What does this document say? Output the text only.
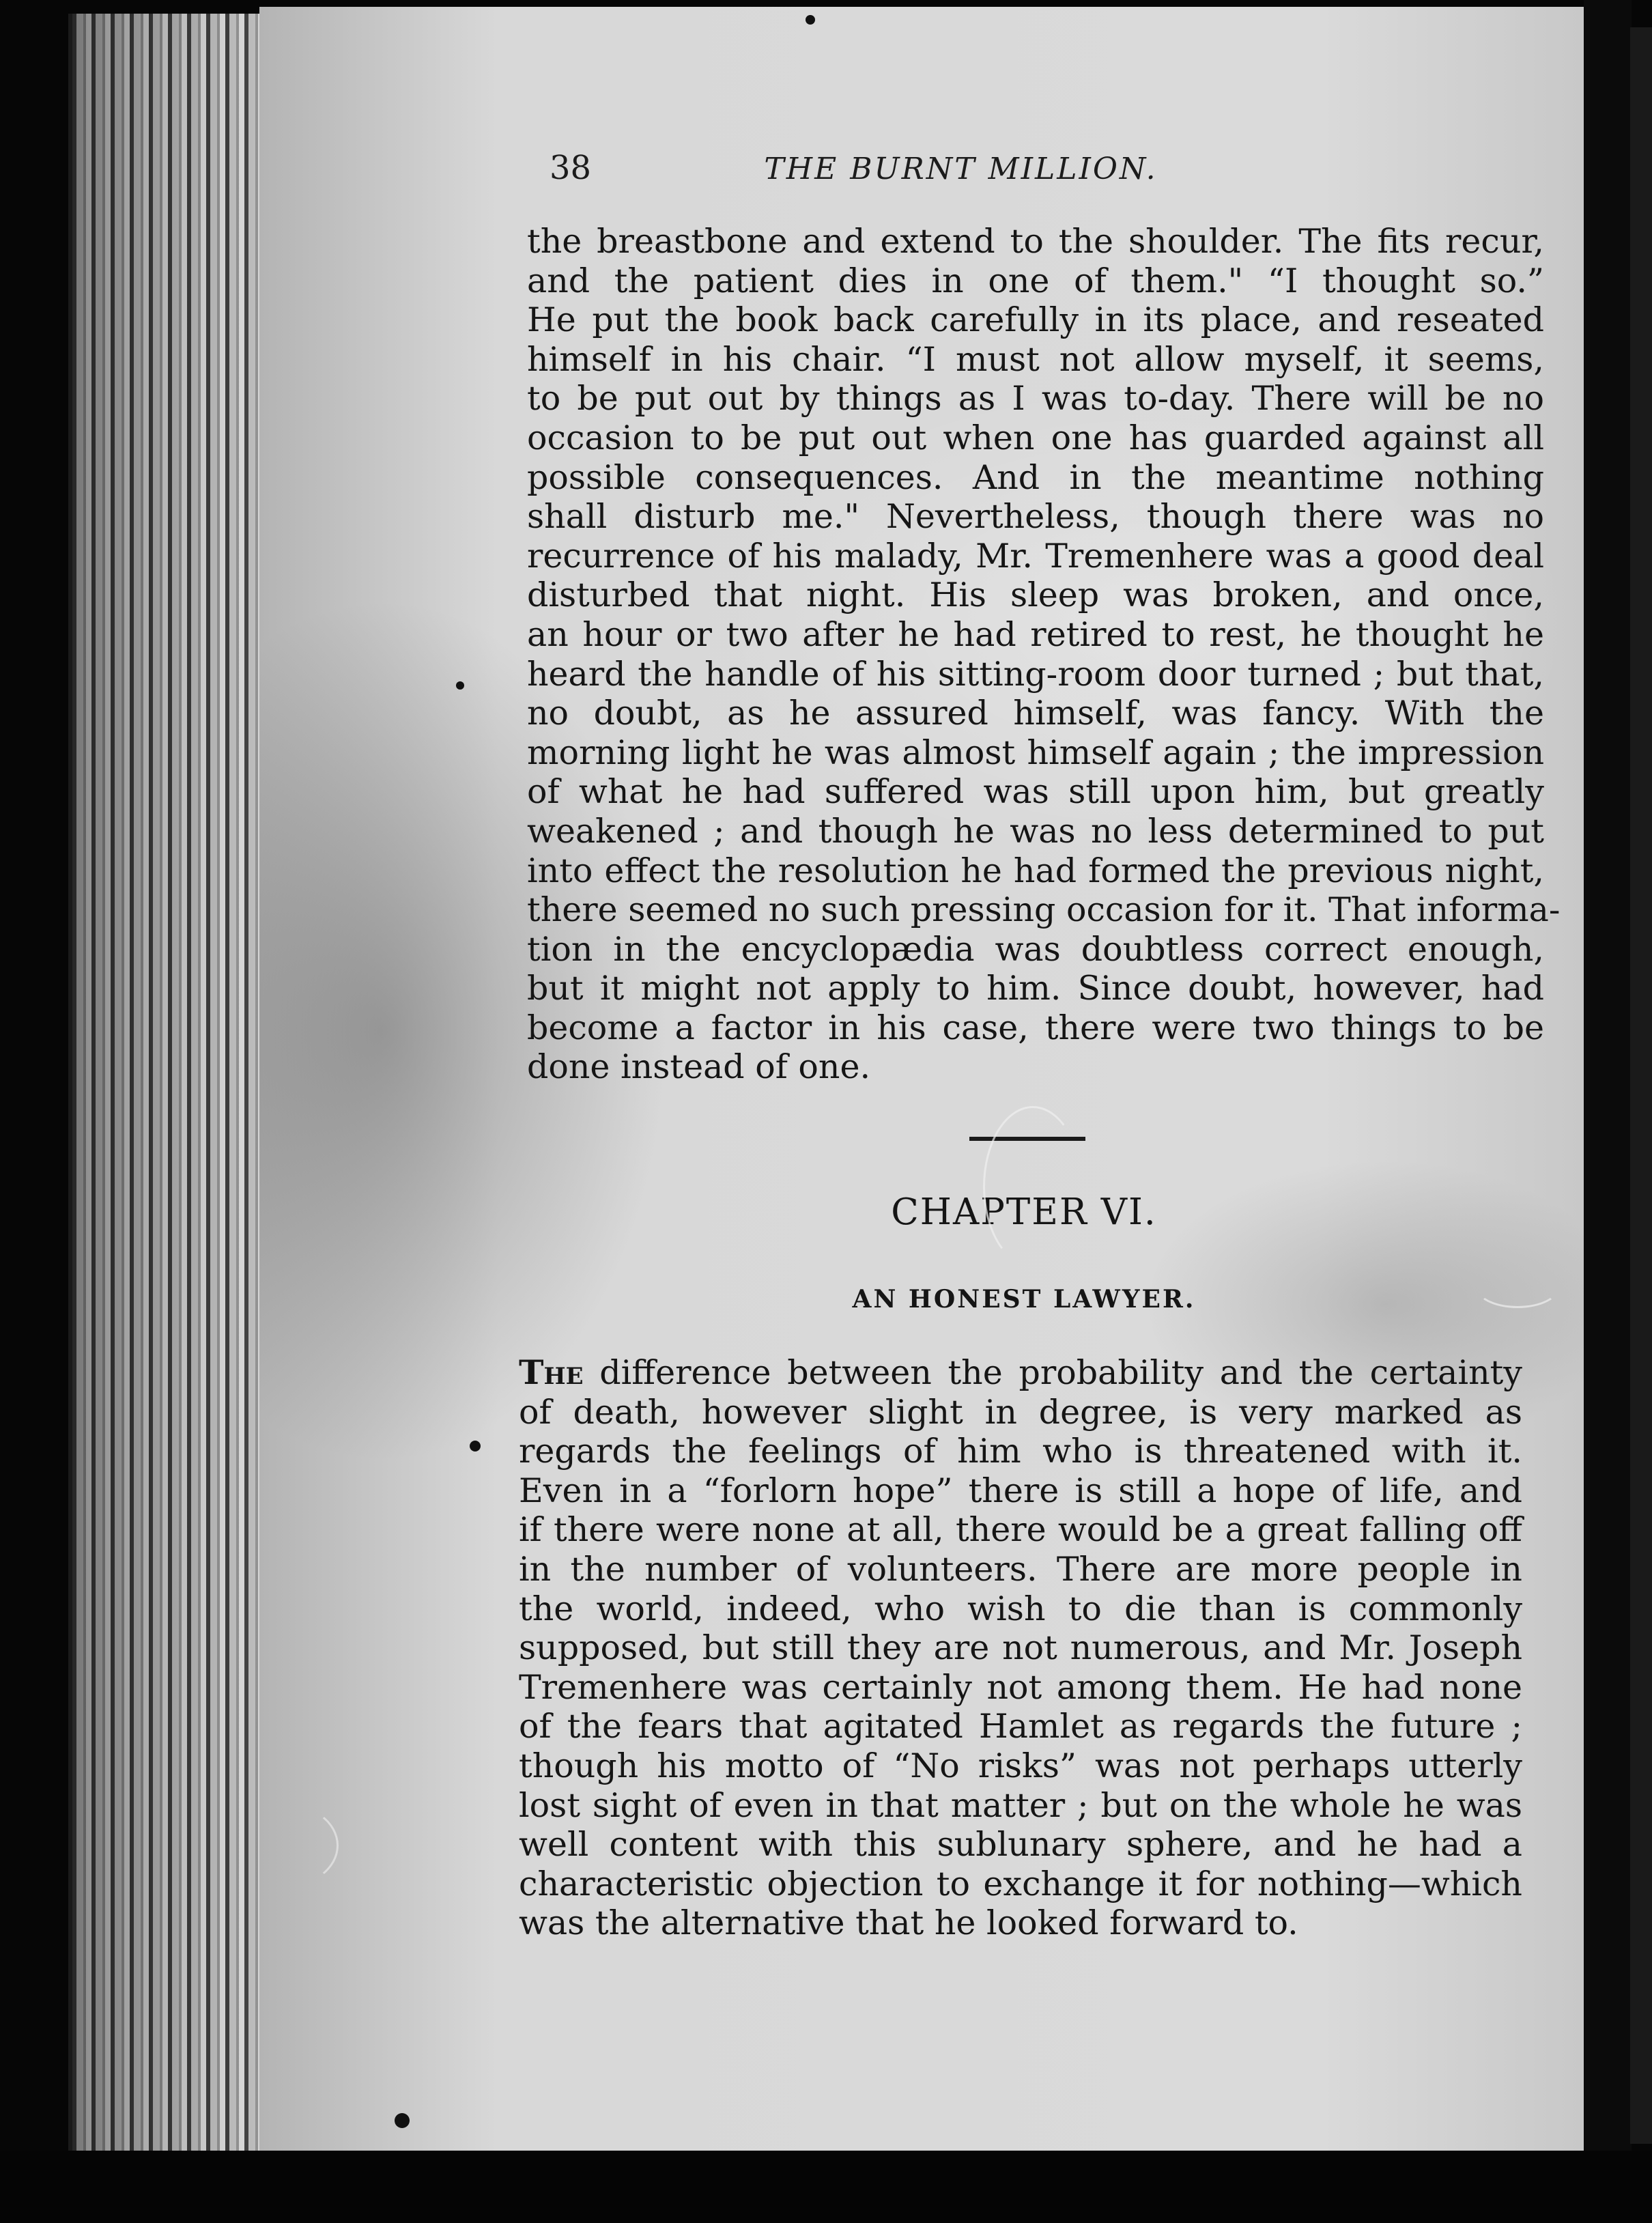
38	THE BURNT MILLION.
the breastbone and extend to the shoulder. The fits recur,
and the patient dies in one of them." “I thought so.”
He put the book back carefully in its place, and reseated
himself in his chair. “I must not allow myself, it seems,
to be put out by things as I was to-day. There will be no
occasion to be put out when one has guarded against all
possible consequences. And in the meantime nothing
shall disturb me." Nevertheless, though there was no
recurrence of his malady, Mr. Tremenhere was a good deal
disturbed that night. His sleep was broken, and once,
an hour or two after he had retired to rest, he thought he
heard the handle of his sitting-room door turned ; but that,
no doubt, as he assured himself, was fancy. With the
morning light he was almost himself again ; the impression
of what he had suffered was still upon him, but greatly
weakened ; and though he was no less determined to put
into effect the resolution he had formed the previous night,
there seemed no such pressing occasion for it. That informa-
tion in the encyclopædia was doubtless correct enough,
but it might not apply to him. Since doubt, however, had
become a factor in his case, there were two things to be
done instead of one.
CHAPTER VI.
AN HONEST LAWYER.
The difference between the probability and the certainty
of death, however slight in degree, is very marked as
regards the feelings of him who is threatened with it.
Even in a “forlorn hope” there is still a hope of life, and
if there were none at all, there would be a great falling off
in the number of volunteers. There are more people in
the world, indeed, who wish to die than is commonly
supposed, but still they are not numerous, and Mr. Joseph
Tremenhere was certainly not among them. He had none
of the fears that agitated Hamlet as regards the future ;
though his motto of “No risks” was not perhaps utterly
lost sight of even in that matter ; but on the whole he was
well content with this sublunary sphere, and he had a
characteristic objection to exchange it for nothing—which
was the alternative that he looked forward to.
